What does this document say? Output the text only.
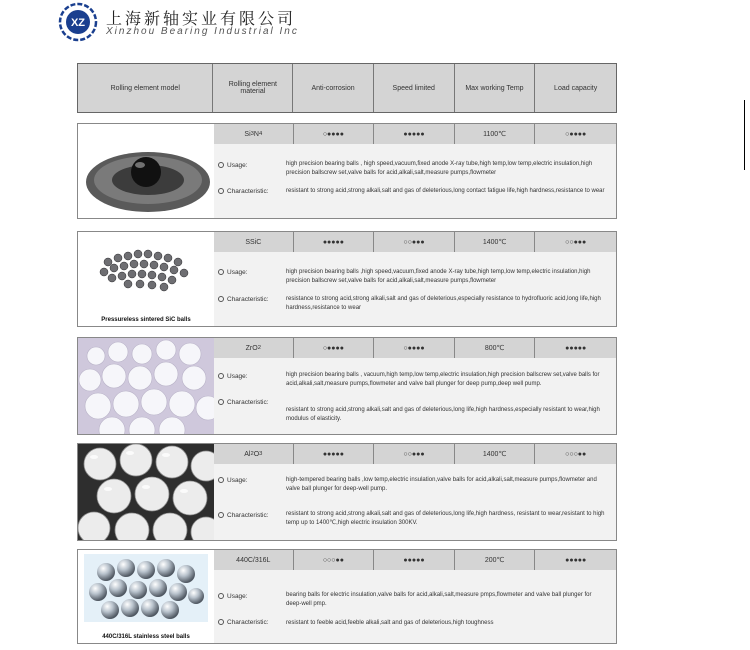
XZ 上海新轴实业有限公司
Xinzhou Bearing Industrial Inc
Rolling element model	Rolling element material	Anti-corrosion	Speed limited	Max working Temp	Load capacity
Si 3 N 4	○●●●●	●●●●●	1100℃	○●●●●
Usage:	high precision bearing balls , high speed,vacuum,fixed anode X-ray tube,high temp,low temp,electric insulation,high precision ballscrew set,valve balls for acid,alkali,salt,measure pumps,flowmeter
Characteristic:	resistant to strong acid,strong alkali,salt and gas of deleterious,long contact fatigue life,high hardness,resistance to wear
Pressureless sintered SiC balls
SSiC	●●●●●	○○●●●	1400℃	○○●●●
Usage:	high precision bearing balls ,high speed,vacuum,fixed anode X-ray tube,high temp,low temp,electric insulation,high precision ballscrew set,valve balls for acid,alkali,salt,measure pumps,flowmeter
Characteristic:	resistance to strong acid,strong alkali,salt and gas of deleterious,especially resistance to hydrofluoric acid,long life,high hardness,resistance to wear
ZrO 2	○●●●●	○●●●●	800℃	●●●●●
Usage:	high precision bearing balls , vacuum,high temp,low temp,electric insulation,high precision ballscrew set,valve balls for acid,alkali,salt,measure pumps,flowmeter and valve ball plunger for deep pump,deep well pump.
Characteristic:
resistant to strong acid,strong alkali,salt and gas of deleterious,long life,high hardness,especially resistant to wear,high modulus of elasticity.
Al 2 O 3	●●●●●	○○●●●	1400℃	○○○●●
Usage:	high-tempered bearing balls ,low temp,electric insulation,valve balls for acid,alkali,salt,measure pumps,flowmeter and valve ball plunger for deep-well pump.
Characteristic:	resistant to strong acid,strong alkali,salt and gas of deleterious,long life,high hardness, resistant to wear,resistant to high temp up to 1400℃,high electric insulation 300KV.
440C/316L stainless steel balls
440C/316L	○○○●●	●●●●●	200℃	●●●●●
Usage:	bearing balls for electric insulation,valve balls for acid,alkali,salt,measure pmps,flowmeter and valve ball plunger for deep-well pmp.
Characteristic:	resistant to feeble acid,feeble alkali,salt and gas of deleterious,high toughness
